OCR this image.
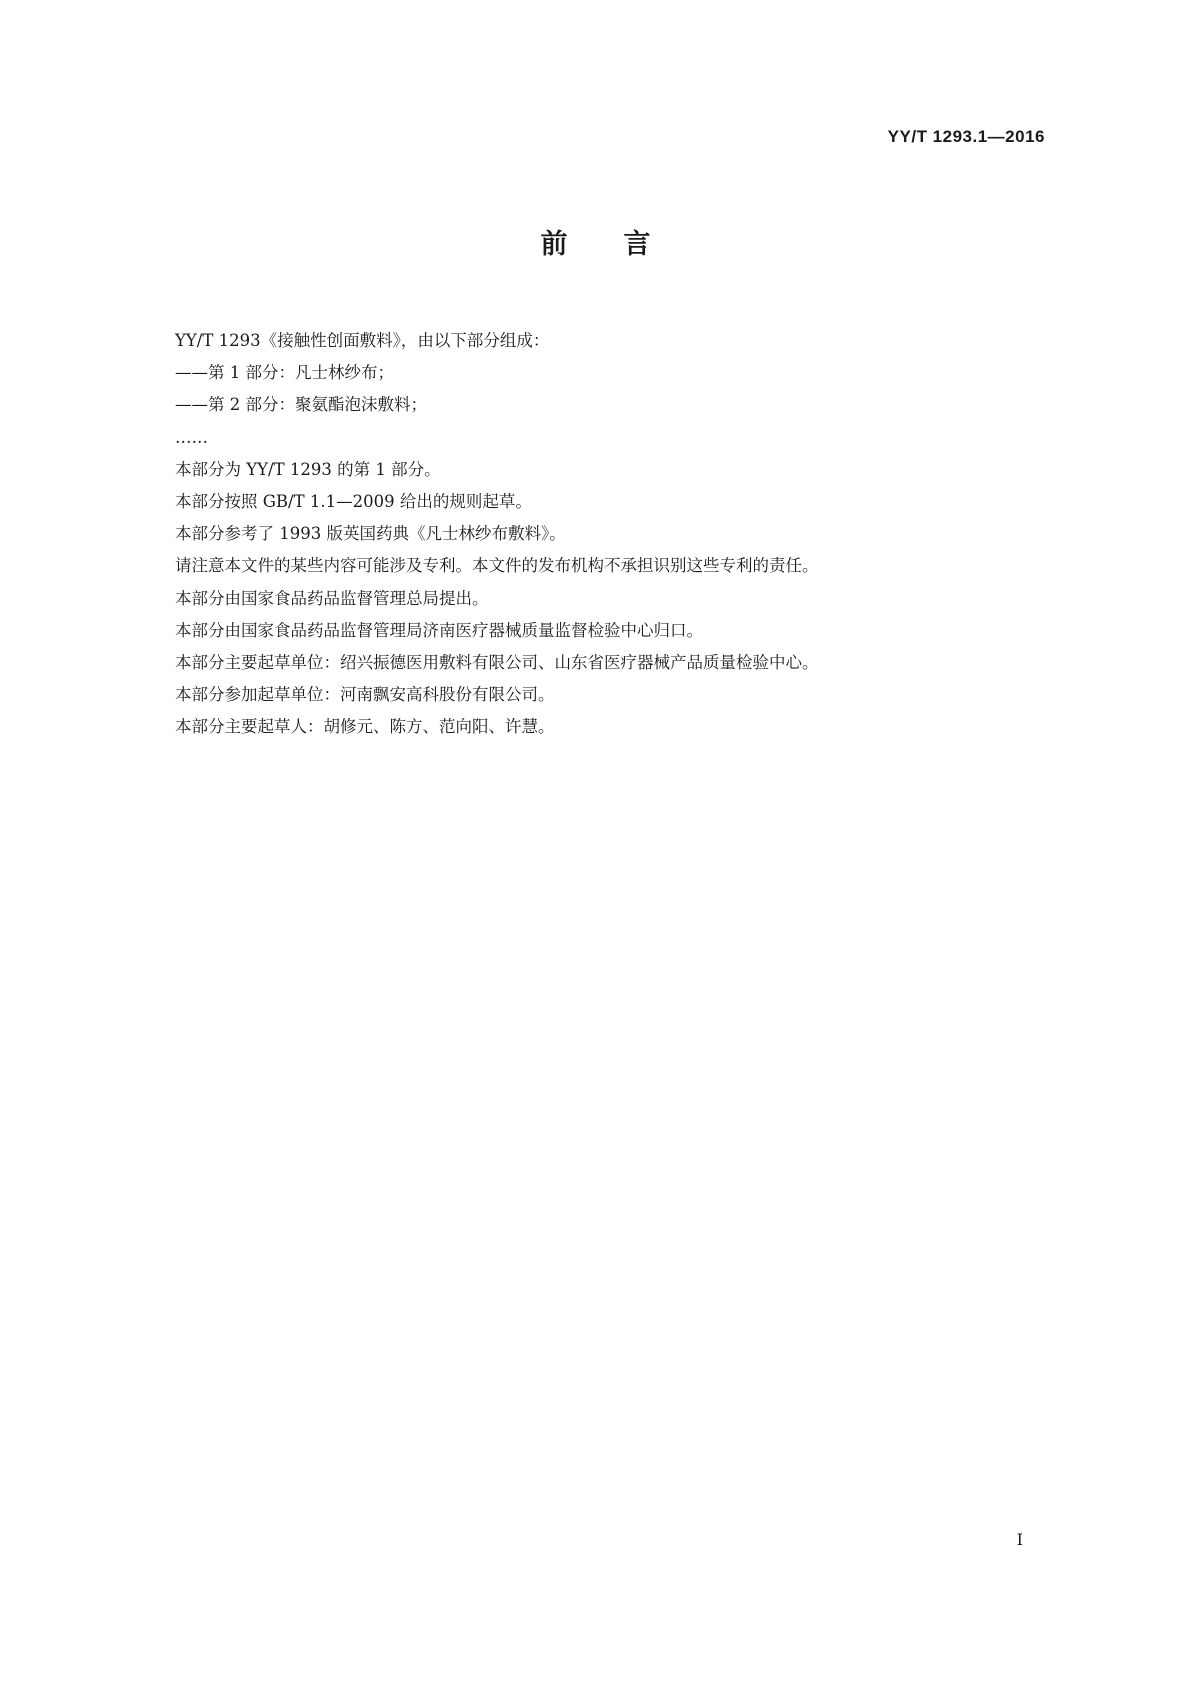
YY/T 1293.1—2016
前言
YY/T 1293《接触性创面敷料》，由以下部分组成：
——第 1 部分：凡士林纱布；
——第 2 部分：聚氨酯泡沫敷料；
……
本部分为 YY/T 1293 的第 1 部分。
本部分按照 GB/T 1.1—2009 给出的规则起草。
本部分参考了 1993 版英国药典《凡士林纱布敷料》。
请注意本文件的某些内容可能涉及专利。本文件的发布机构不承担识别这些专利的责任。
本部分由国家食品药品监督管理总局提出。
本部分由国家食品药品监督管理局济南医疗器械质量监督检验中心归口。
本部分主要起草单位：绍兴振德医用敷料有限公司、山东省医疗器械产品质量检验中心。
本部分参加起草单位：河南飘安高科股份有限公司。
本部分主要起草人：胡修元、陈方、范向阳、许慧。
I
